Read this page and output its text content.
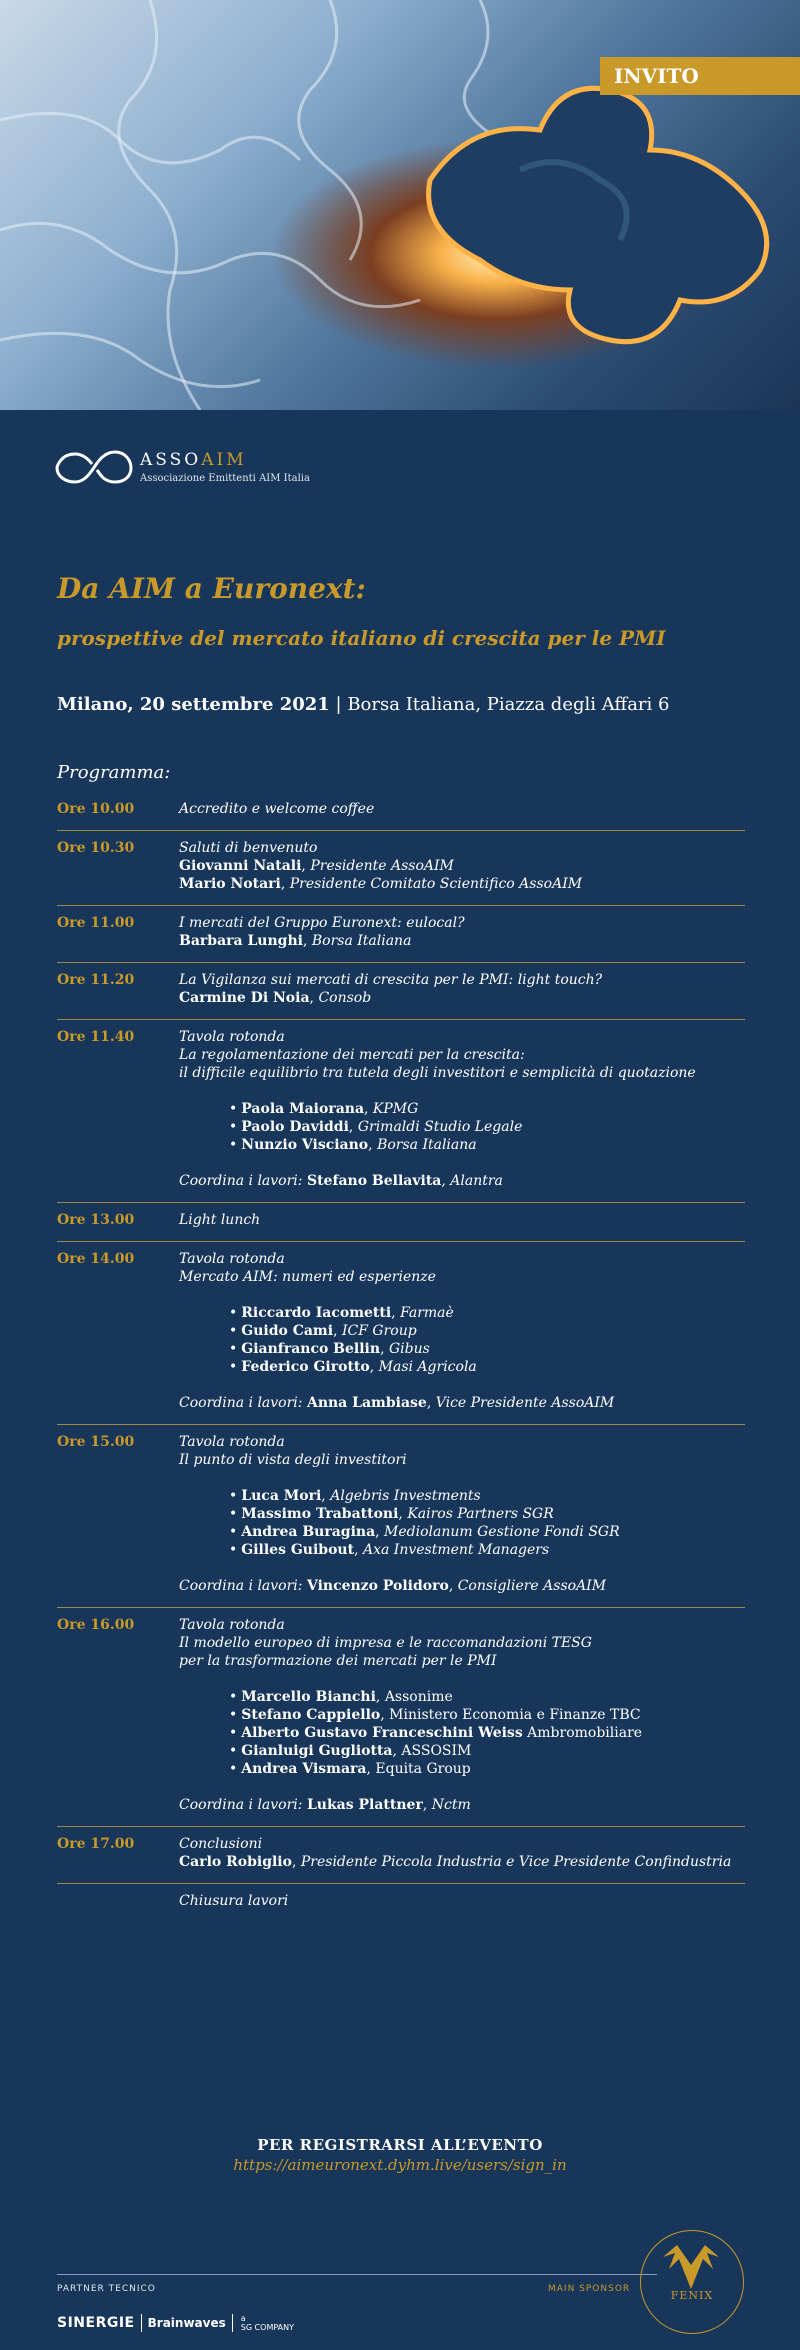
INVITO
ASSOAIM
Associazione Emittenti AIM Italia
Da AIM a Euronext:
prospettive del mercato italiano di crescita per le PMI
Milano, 20 settembre 2021 | Borsa Italiana, Piazza degli Affari 6
Programma:
Ore 10.00	Accredito e welcome coffee
Ore 10.30	Saluti di benvenuto
Giovanni Natali, Presidente AssoAIM
Mario Notari, Presidente Comitato Scientifico AssoAIM
Ore 11.00	I mercati del Gruppo Euronext: eulocal?
Barbara Lunghi, Borsa Italiana
Ore 11.20	La Vigilanza sui mercati di crescita per le PMI: light touch?
Carmine Di Noia, Consob
Ore 11.40	Tavola rotonda
La regolamentazione dei mercati per la crescita:
il difficile equilibrio tra tutela degli investitori e semplicità di quotazione
• Paola Maiorana, KPMG
• Paolo Daviddi, Grimaldi Studio Legale
• Nunzio Visciano, Borsa Italiana
Coordina i lavori: Stefano Bellavita, Alantra
Ore 13.00	Light lunch
Ore 14.00	Tavola rotonda
Mercato AIM: numeri ed esperienze
• Riccardo Iacometti, Farmaè
• Guido Cami, ICF Group
• Gianfranco Bellin, Gibus
• Federico Girotto, Masi Agricola
Coordina i lavori: Anna Lambiase, Vice Presidente AssoAIM
Ore 15.00	Tavola rotonda
Il punto di vista degli investitori
• Luca Mori, Algebris Investments
• Massimo Trabattoni, Kairos Partners SGR
• Andrea Buragina, Mediolanum Gestione Fondi SGR
• Gilles Guibout, Axa Investment Managers
Coordina i lavori: Vincenzo Polidoro, Consigliere AssoAIM
Ore 16.00	Tavola rotonda
Il modello europeo di impresa e le raccomandazioni TESG
per la trasformazione dei mercati per le PMI
• Marcello Bianchi, Assonime
• Stefano Cappiello, Ministero Economia e Finanze TBC
• Alberto Gustavo Franceschini Weiss Ambromobiliare
• Gianluigi Gugliotta, ASSOSIM
• Andrea Vismara, Equita Group
Coordina i lavori: Lukas Plattner, Nctm
Ore 17.00	Conclusioni
Carlo Robiglio, Presidente Piccola Industria e Vice Presidente Confindustria
Chiusura lavori
PER REGISTRARSI ALL’EVENTO
https://aimeuronext.dyhm.live/users/sign_in
PARTNER TECNICO	MAIN SPONSOR
SINERGIE Brainwaves a
SG COMPANY
FENIX
